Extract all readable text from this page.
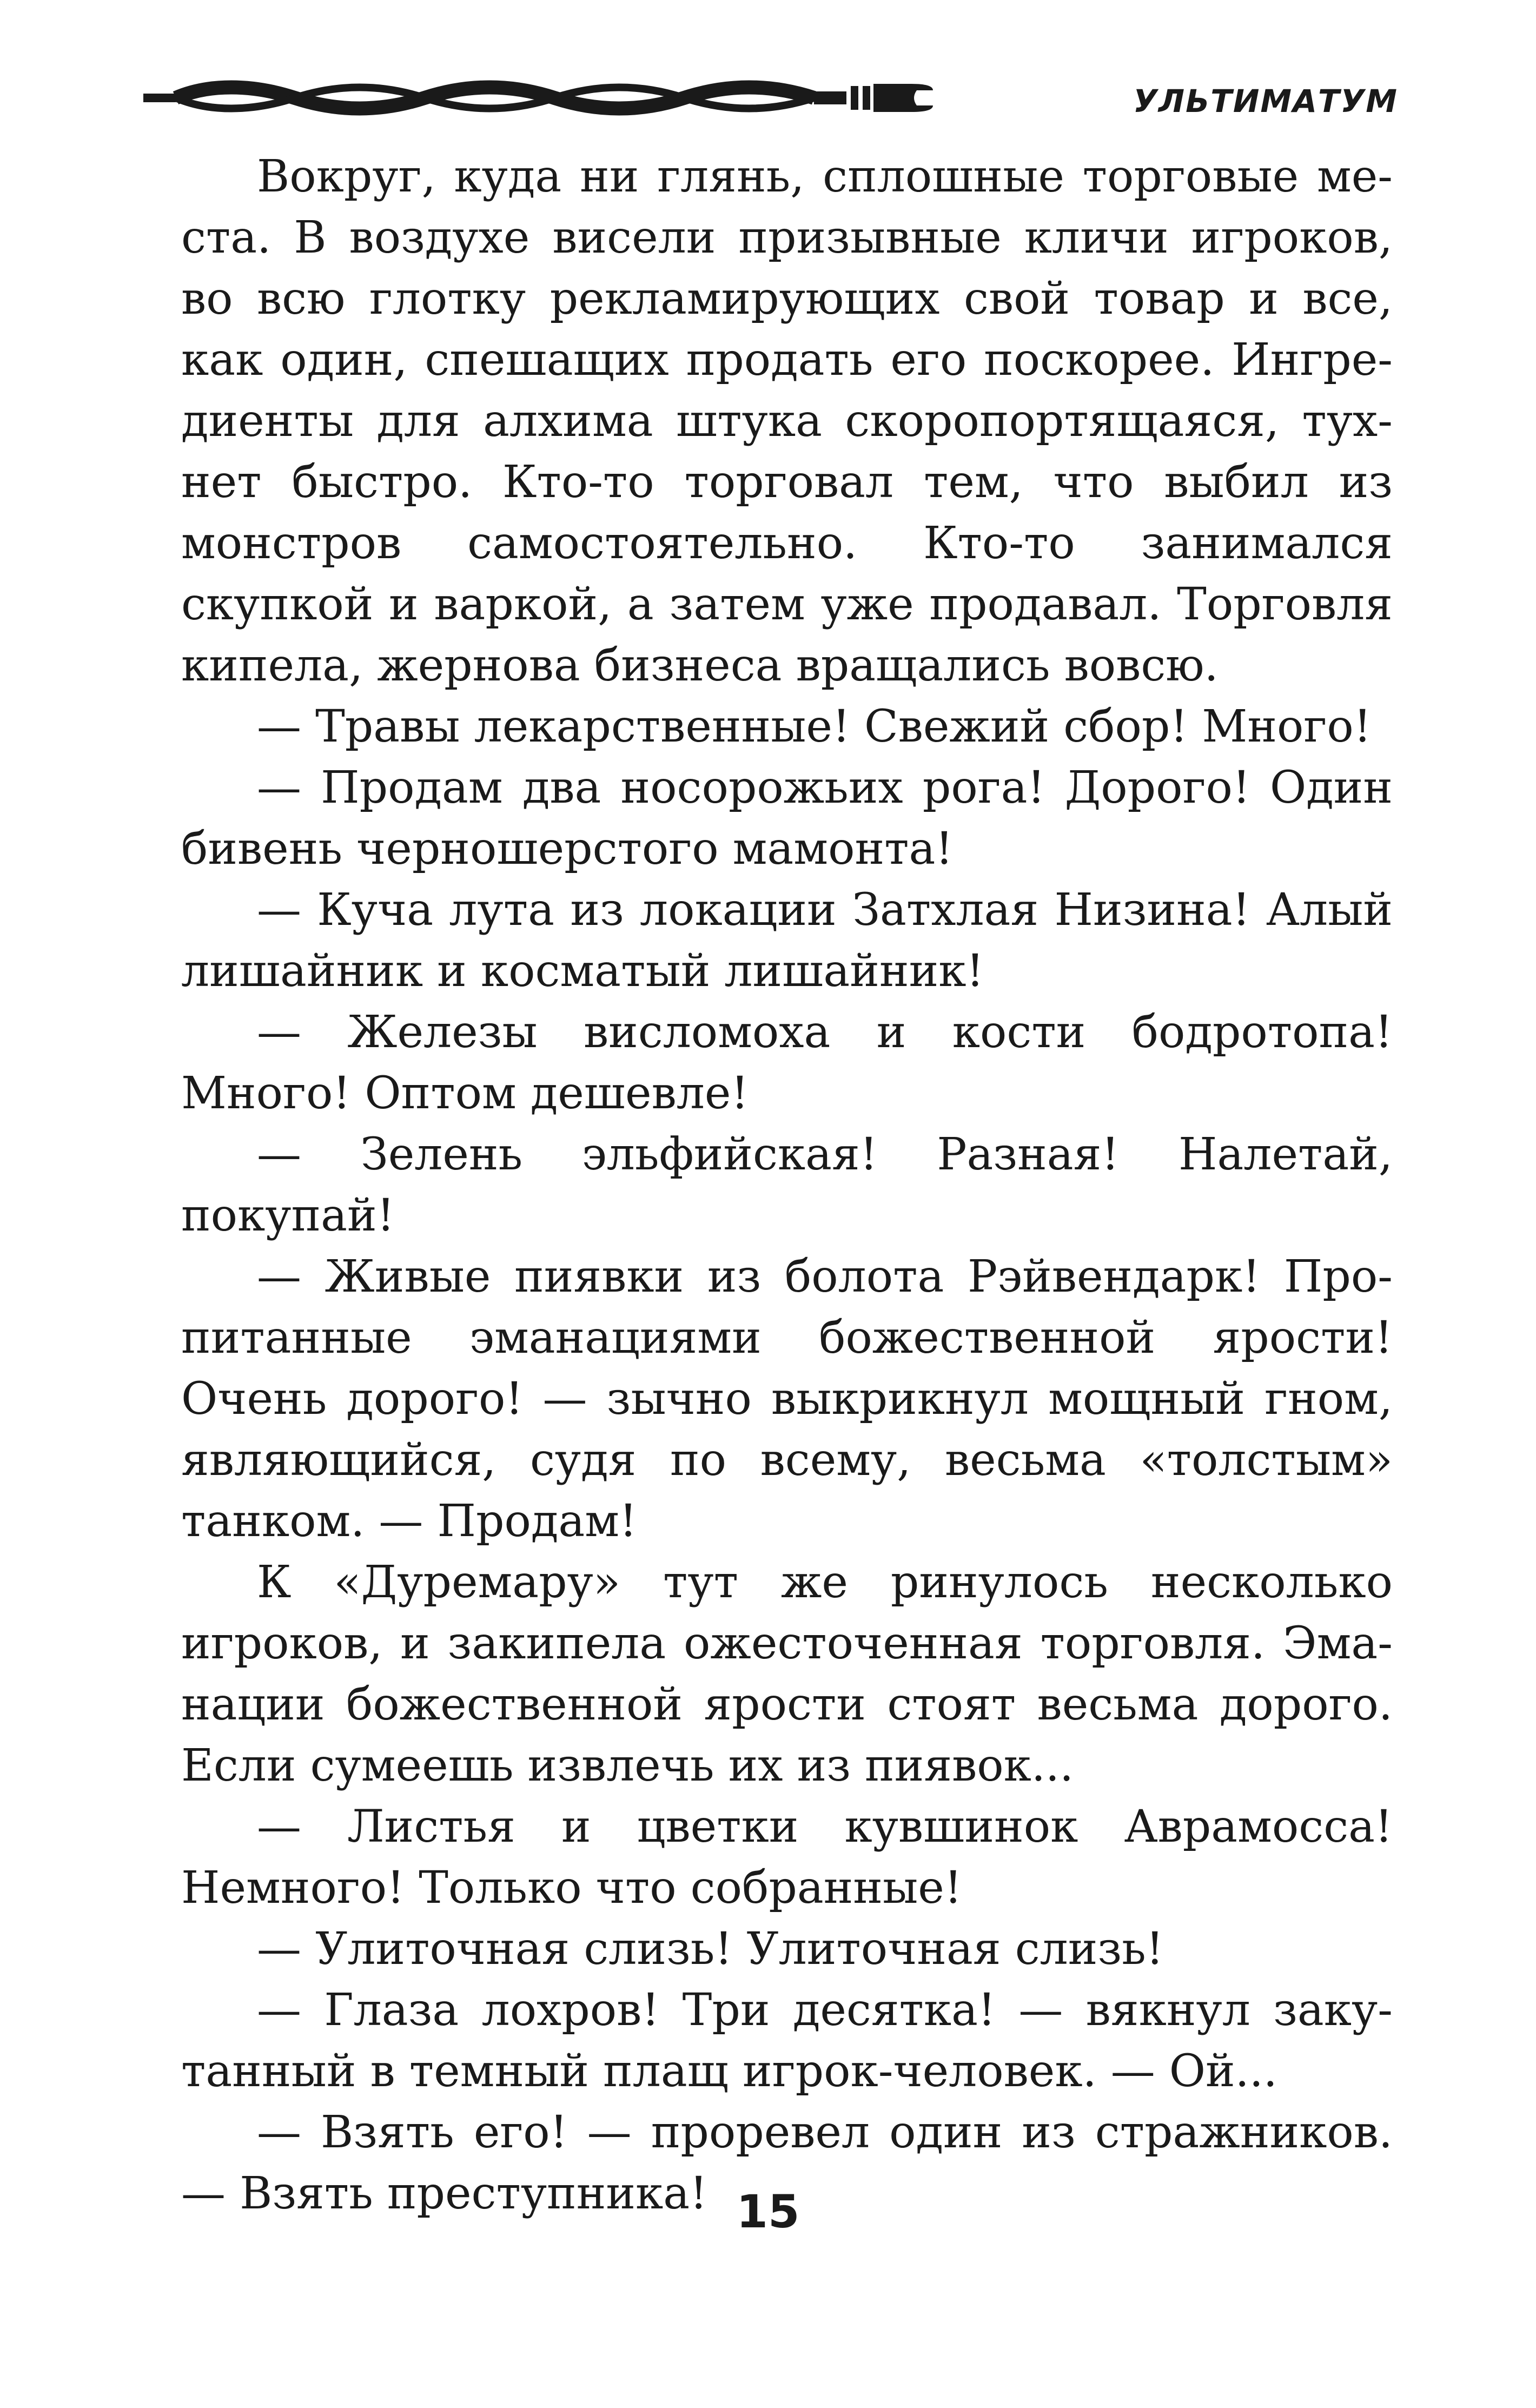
УЛЬТИМАТУМ

Вокруг, куда ни глянь, сплошные торговые места. В воздухе висели призывные кличи игроков, во всю глотку рекламирующих свой товар и все, как один, спешащих продать его поскорее. Ингредиенты для алхима штука скоропортящаяся, тухнет быстро. Кто-то торговал тем, что выбил из монстров самостоятельно. Кто-то занимался скупкой и варкой, а затем уже продавал. Торговля кипела, жернова бизнеса вращались вовсю.

— Травы лекарственные! Свежий сбор! Много!

— Продам два носорожьих рога! Дорого! Один бивень черношерстого мамонта!

— Куча лута из локации Затхлая Низина! Алый лишайник и косматый лишайник!

— Железы висломоха и кости бодротопа! Много! Оптом дешевле!

— Зелень эльфийская! Разная! Налетай, покупай!

— Живые пиявки из болота Рэйвендарк! Пропитанные эманациями божественной ярости! Очень дорого! — зычно выкрикнул мощный гном, являющийся, судя по всему, весьма «толстым» танком. — Продам!

К «Дуремару» тут же ринулось несколько игроков, и закипела ожесточенная торговля. Эманации божественной ярости стоят весьма дорого. Если сумеешь извлечь их из пиявок...

— Листья и цветки кувшинок Аврамосса! Немного! Только что собранные!

— Улиточная слизь! Улиточная слизь!

— Глаза лохров! Три десятка! — вякнул закутанный в темный плащ игрок-человек. — Ой...

— Взять его! — проревел один из стражников. — Взять преступника! 15
